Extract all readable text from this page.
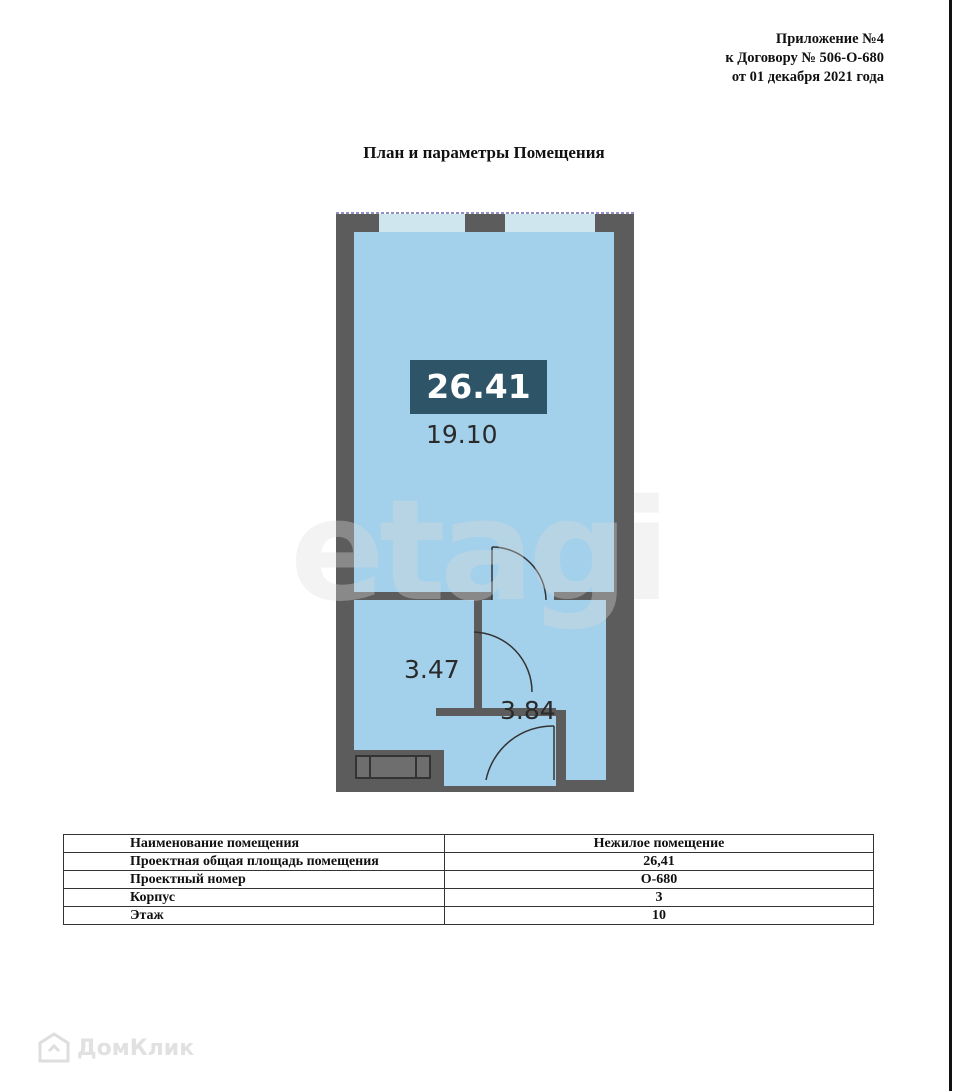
Приложение №4
к Договору № 506-О-680
от 01 декабря 2021 года
План и параметры Помещения
26.41
19.10
3.47
3.84
etagi
Наименование помещения	Нежилое помещение
Проектная общая площадь помещения	26,41
Проектный номер	О-680
Корпус	3
Этаж	10
ДомКлик
